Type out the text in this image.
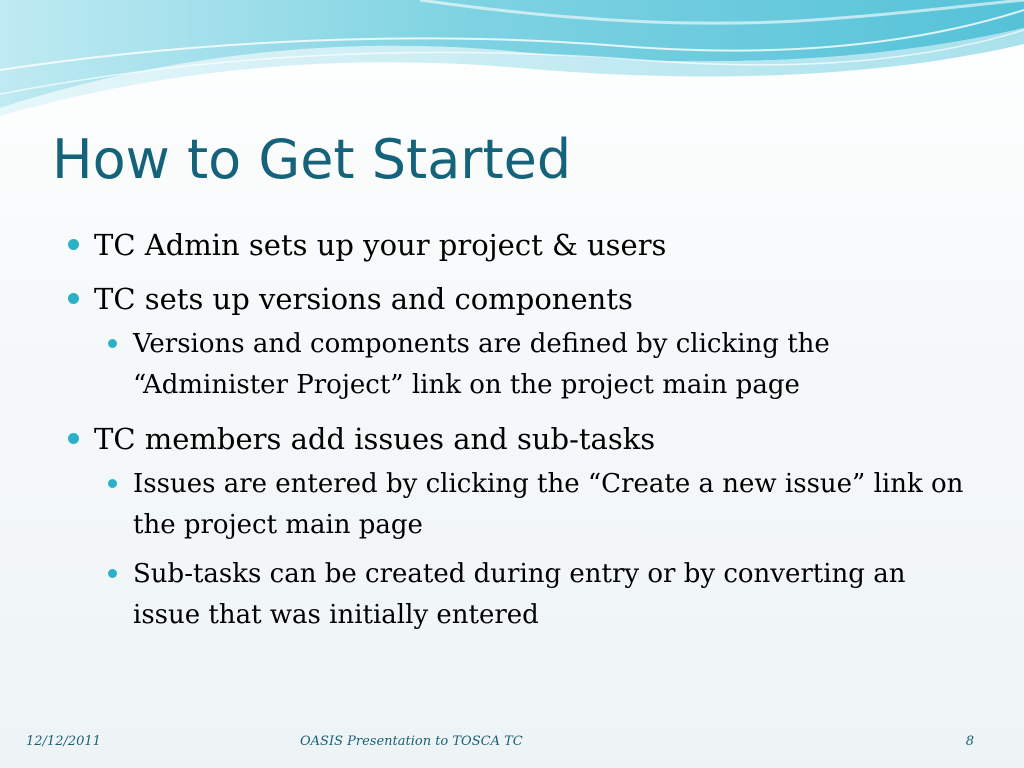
How to Get Started
TC Admin sets up your project & users
TC sets up versions and components
Versions and components are defined by clicking the “Administer Project” link on the project main page
TC members add issues and sub-tasks
Issues are entered by clicking the “Create a new issue” link on the project main page
Sub-tasks can be created during entry or by converting an issue that was initially entered
12/12/2011	OASIS Presentation to TOSCA TC	8
